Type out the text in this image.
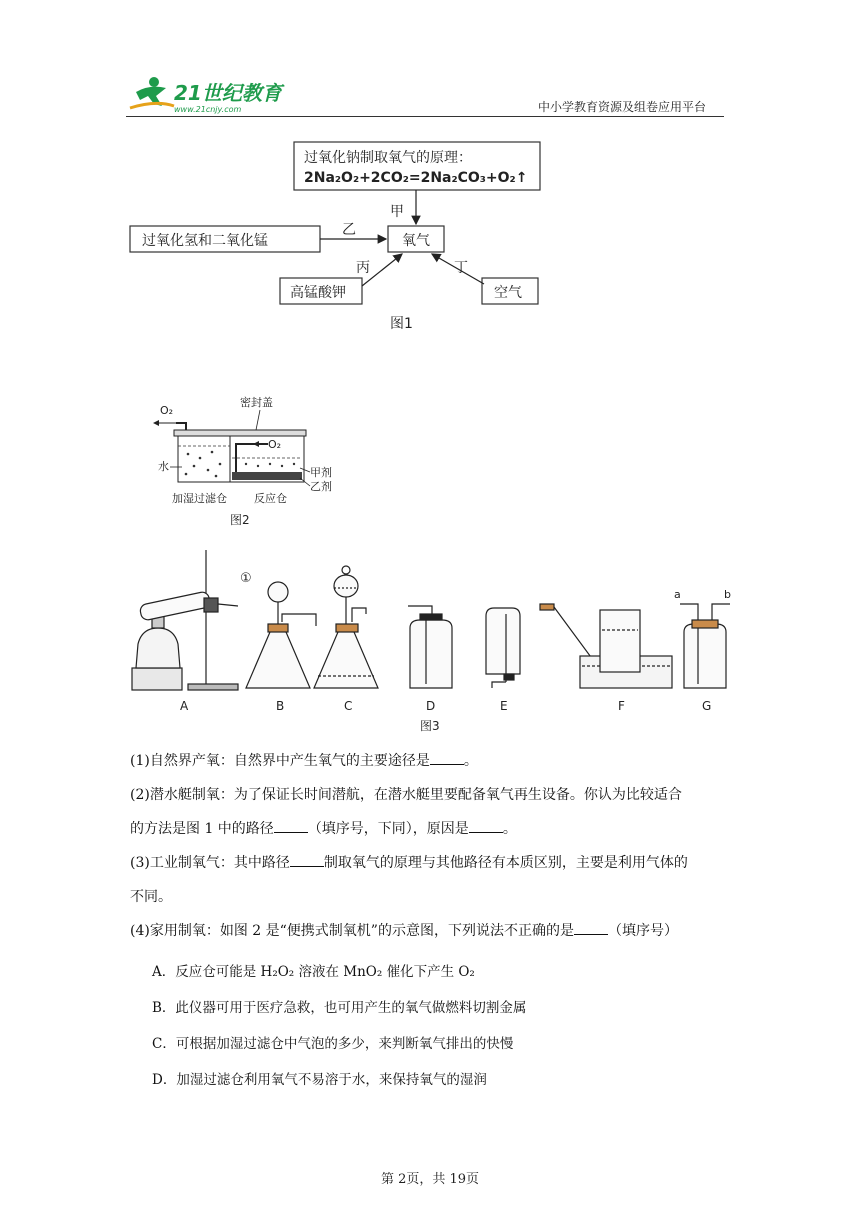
21世纪教育
www.21cnjy.com	中小学教育资源及组卷应用平台
过氧化钠制取氧气的原理：
2Na₂O₂+2CO₂=2Na₂CO₃+O₂↑
甲
氧气
过氧化氢和二氧化锰
乙
高锰酸钾
丙
空气
丁
图1
O₂
密封盖
O₂
水	甲剂
乙剂
加湿过滤仓 反应仓
图2
①
a	b
A	B	C	D	E	F	G
图3
(1)自然界产氧：自然界中产生氧气的主要途径是 。
(2)潜水艇制氧：为了保证长时间潜航，在潜水艇里要配备氧气再生设备。你认为比较适合
的方法是图 1 中的路径 （填序号，下同），原因是 。
(3)工业制氧气：其中路径 制取氧气的原理与其他路径有本质区别，主要是利用气体的
不同。
(4)家用制氧：如图 2 是“便携式制氧机”的示意图，下列说法不正确的是 （填序号）
A．反应仓可能是 H₂O₂ 溶液在 MnO₂ 催化下产生 O₂
B．此仪器可用于医疗急救，也可用产生的氧气做燃料切割金属
C．可根据加湿过滤仓中气泡的多少，来判断氧气排出的快慢
D．加湿过滤仓利用氧气不易溶于水，来保持氧气的湿润
第 2页，共 19页
